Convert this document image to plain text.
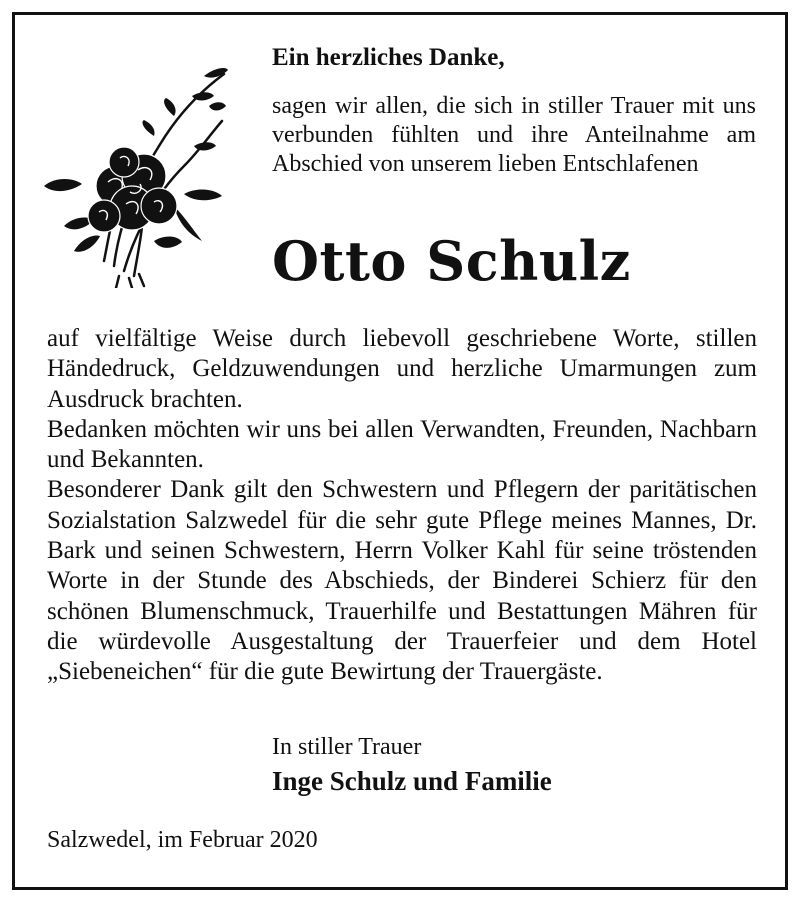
Ein herzliches Danke,
sagen wir allen, die sich in stiller Trauer mit uns verbunden fühlten und ihre Anteilnahme am Abschied von unserem lieben Entschlafenen
Otto Schulz

auf vielfältige Weise durch liebevoll geschriebene Worte, stillen Händedruck, Geldzuwendungen und herzliche Umarmungen zum Ausdruck brachten.

Bedanken möchten wir uns bei allen Verwandten, Freunden, Nachbarn und Bekannten.

Besonderer Dank gilt den Schwestern und Pflegern der paritätischen Sozialstation Salzwedel für die sehr gute Pflege meines Mannes, Dr. Bark und seinen Schwestern, Herrn Volker Kahl für seine tröstenden Worte in der Stunde des Abschieds, der Binderei Schierz für den schönen Blumenschmuck, Trauerhilfe und Bestattungen Mähren für die würdevolle Ausgestaltung der Trauerfeier und dem Hotel „Siebeneichen“ für die gute Bewirtung der Trauergäste.

In stiller Trauer
Inge Schulz und Familie
Salzwedel, im Februar 2020
